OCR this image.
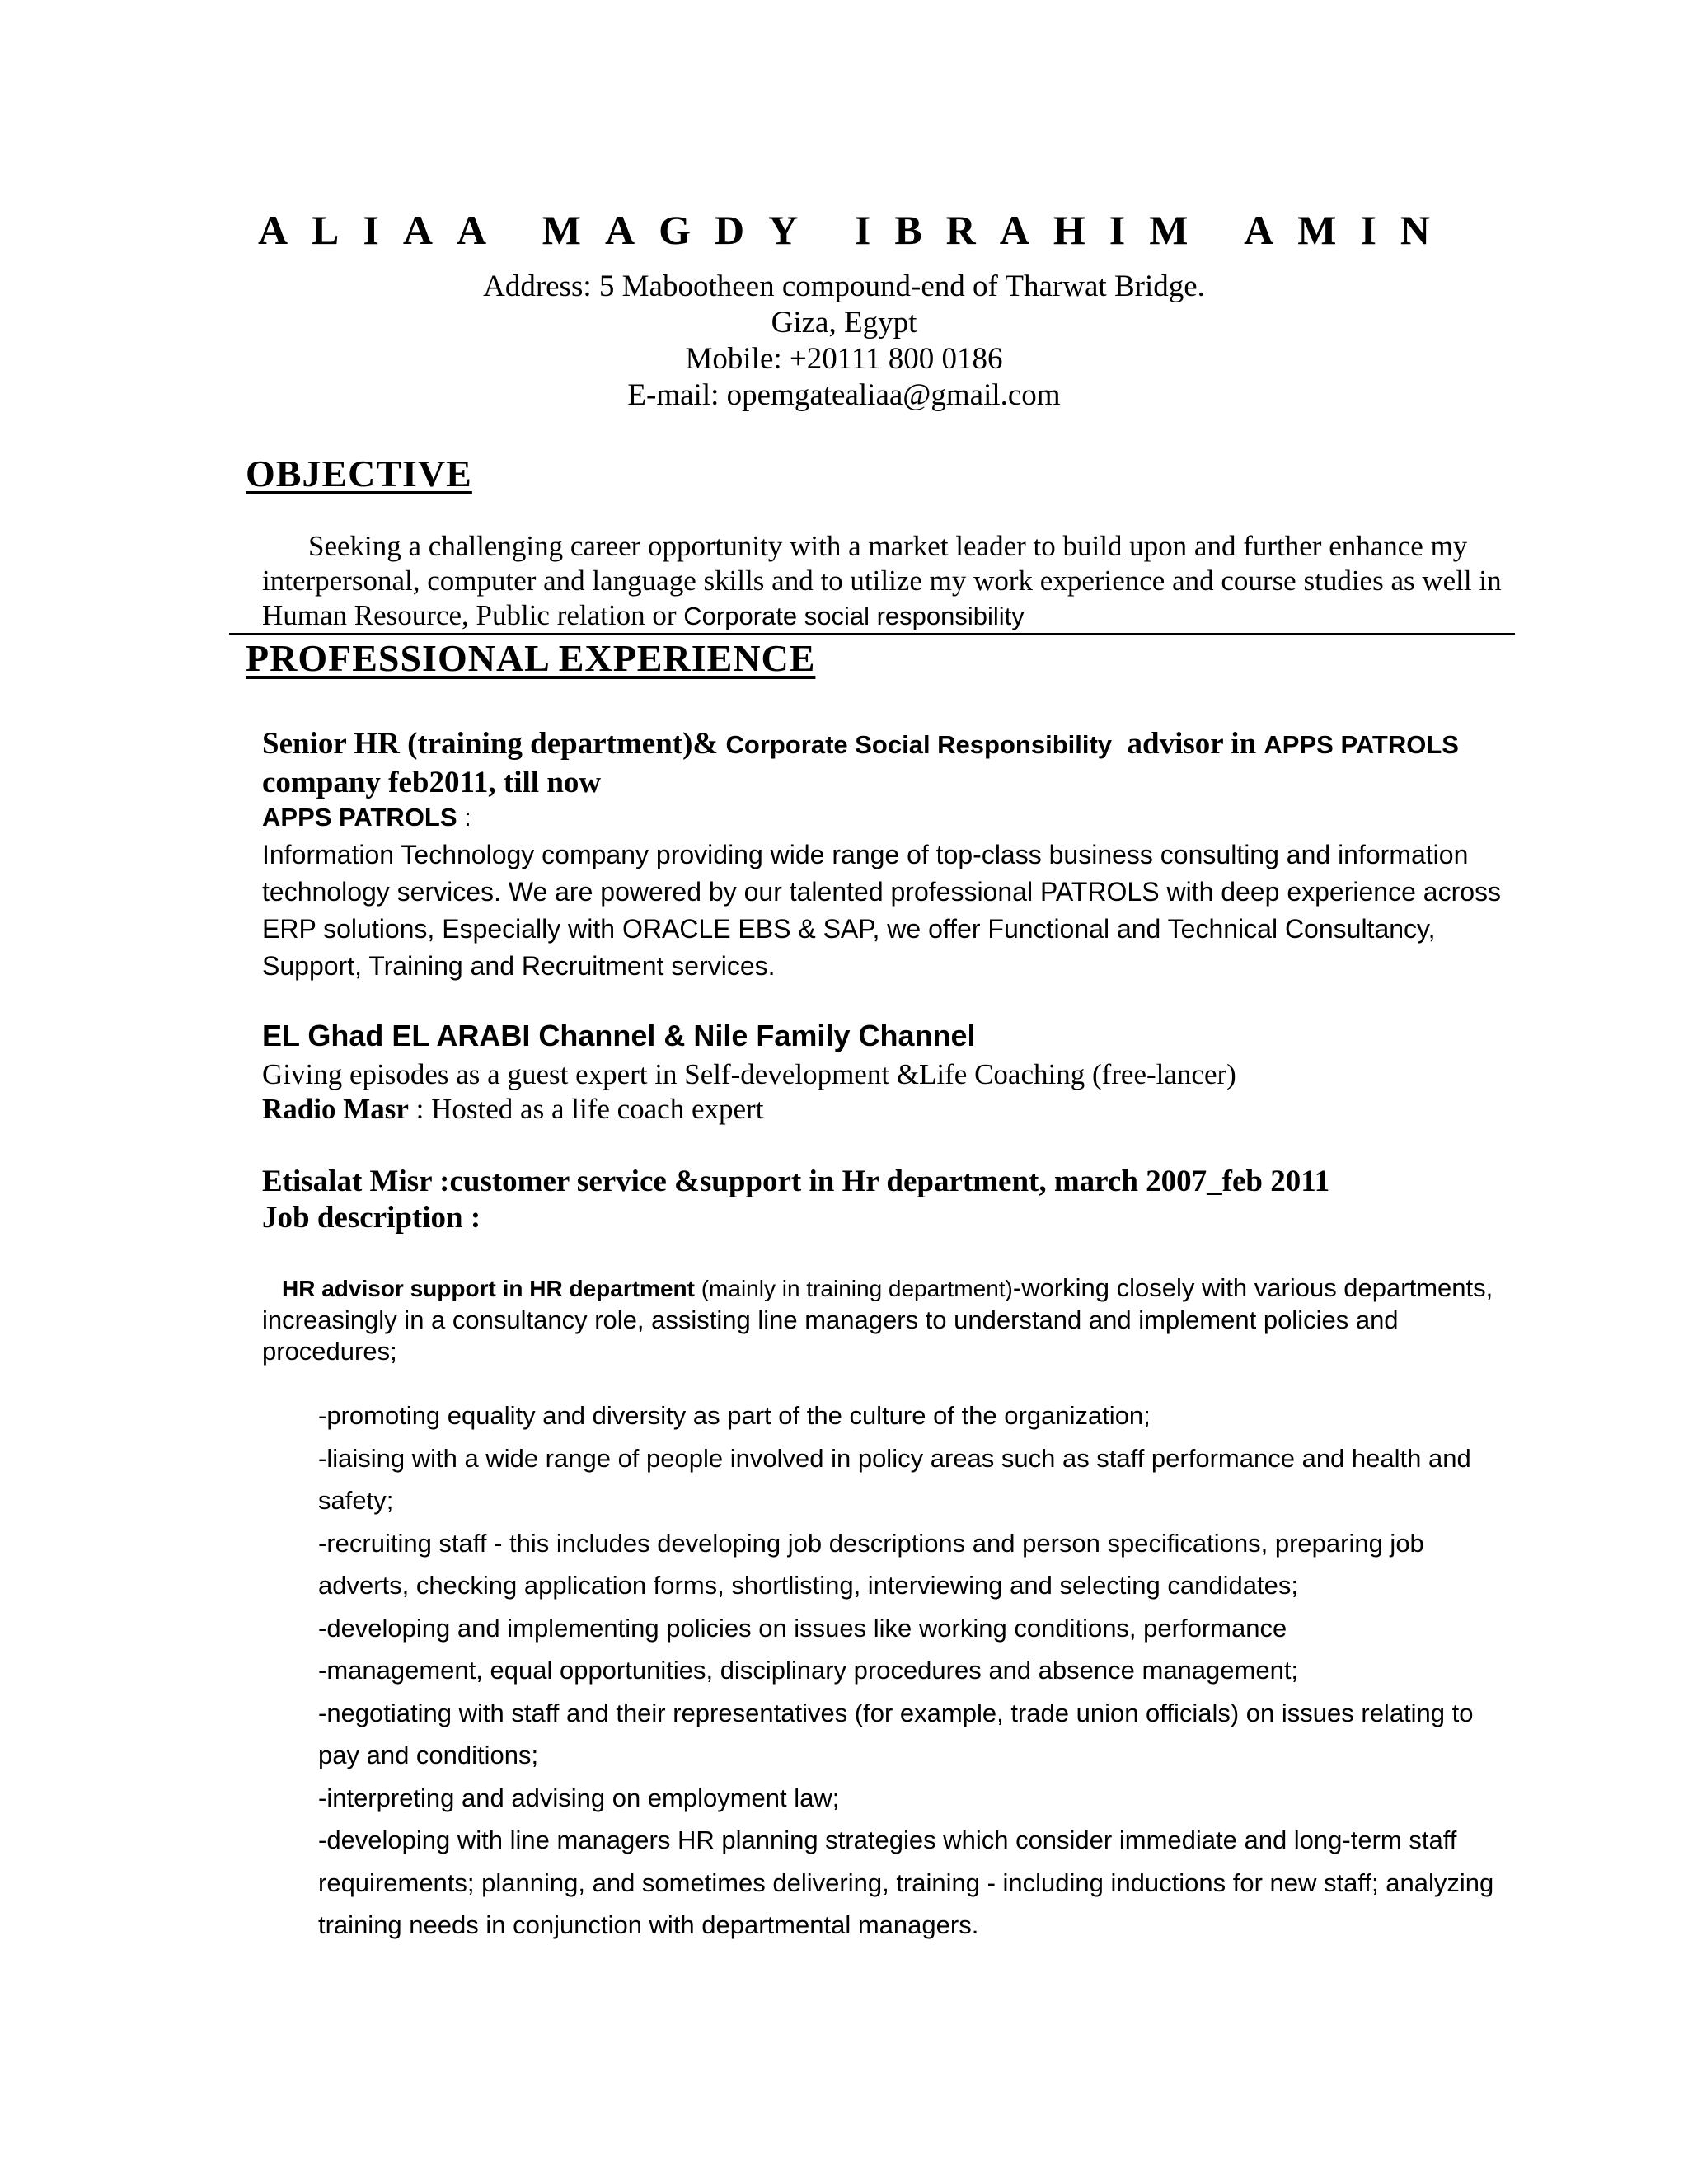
ALIAA MAGDY IBRAHIM AMIN
Address: 5 Mabootheen compound-end of Tharwat Bridge.
Giza, Egypt
Mobile: +20111 800 0186
E-mail: opemgatealiaa@gmail.com
OBJECTIVE
Seeking a challenging career opportunity with a market leader to build upon and further enhance my interpersonal, computer and language skills and to utilize my work experience and course studies as well in Human Resource, Public relation or Corporate social responsibility
PROFESSIONAL EXPERIENCE
Senior HR (training department)& Corporate Social Responsibility  advisor in APPS PATROLS
company feb2011, till now
APPS PATROLS :
Information Technology company providing wide range of top-class business consulting and information technology services. We are powered by our talented professional PATROLS with deep experience across ERP solutions, Especially with ORACLE EBS & SAP, we offer Functional and Technical Consultancy, Support, Training and Recruitment services.
EL Ghad EL ARABI Channel & Nile Family Channel
Giving episodes as a guest expert in Self-development &Life Coaching (free-lancer)
Radio Masr : Hosted as a life coach expert
Etisalat Misr :customer service &support in Hr department, march 2007_feb 2011
Job description :
HR advisor support in HR department (mainly in training department)-working closely with various departments, increasingly in a consultancy role, assisting line managers to understand and implement policies and procedures;
-promoting equality and diversity as part of the culture of the organization;
-liaising with a wide range of people involved in policy areas such as staff performance and health and safety;
-recruiting staff - this includes developing job descriptions and person specifications, preparing job adverts, checking application forms, shortlisting, interviewing and selecting candidates;
-developing and implementing policies on issues like working conditions, performance
-management, equal opportunities, disciplinary procedures and absence management;
-negotiating with staff and their representatives (for example, trade union officials) on issues relating to pay and conditions;
-interpreting and advising on employment law;
-developing with line managers HR planning strategies which consider immediate and long-term staff requirements; planning, and sometimes delivering, training - including inductions for new staff; analyzing training needs in conjunction with departmental managers.
